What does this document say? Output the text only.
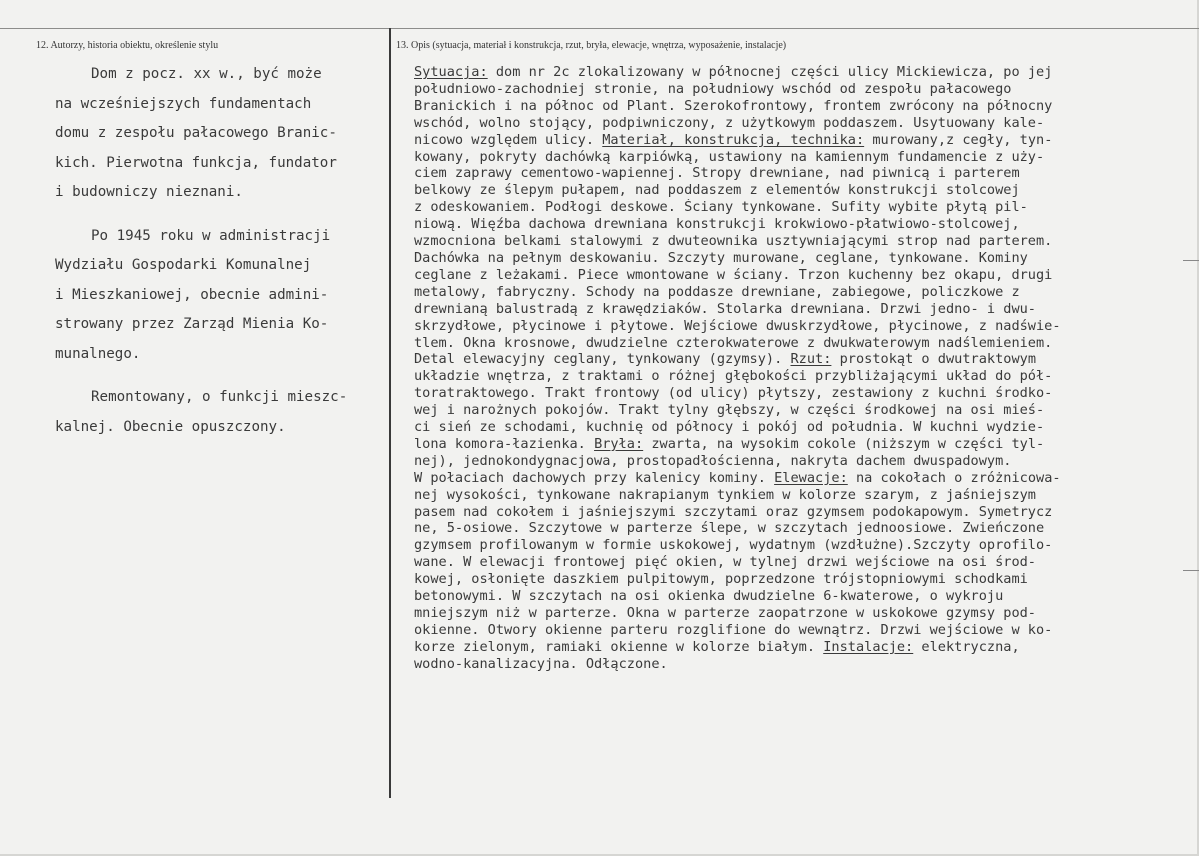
12. Autorzy, historia obiektu, określenie stylu	13. Opis (sytuacja, materiał i konstrukcja, rzut, bryła, elewacje, wnętrza, wyposażenie, instalacje)

Dom z pocz. xx w., być może
na wcześniejszych fundamentach
domu z zespołu pałacowego Branic-
kich. Pierwotna funkcja, fundator
i budowniczy nieznani.

Po 1945 roku w administracji
Wydziału Gospodarki Komunalnej
i Mieszkaniowej, obecnie admini-
strowany przez Zarząd Mienia Ko-
munalnego.

Remontowany, o funkcji mieszc-
kalnej. Obecnie opuszczony.

Sytuacja: dom nr 2c zlokalizowany w północnej części ulicy Mickiewicza, po jej
południowo-zachodniej stronie, na południowy wschód od zespołu pałacowego
Branickich i na północ od Plant. Szerokofrontowy, frontem zwrócony na północny
wschód, wolno stojący, podpiwniczony, z użytkowym poddaszem. Usytuowany kale-
nicowo względem ulicy. Materiał, konstrukcja, technika: murowany,z cegły, tyn-
kowany, pokryty dachówką karpiówką, ustawiony na kamiennym fundamencie z uży-
ciem zaprawy cementowo-wapiennej. Stropy drewniane, nad piwnicą i parterem
belkowy ze ślepym pułapem, nad poddaszem z elementów konstrukcji stolcowej
z odeskowaniem. Podłogi deskowe. Ściany tynkowane. Sufity wybite płytą pil-
niową. Więźba dachowa drewniana konstrukcji krokwiowo-płatwiowo-stolcowej,
wzmocniona belkami stalowymi z dwuteownika usztywniającymi strop nad parterem.
Dachówka na pełnym deskowaniu. Szczyty murowane, ceglane, tynkowane. Kominy
ceglane z leżakami. Piece wmontowane w ściany. Trzon kuchenny bez okapu, drugi
metalowy, fabryczny. Schody na poddasze drewniane, zabiegowe, policzkowe z
drewnianą balustradą z krawędziaków. Stolarka drewniana. Drzwi jedno- i dwu-
skrzydłowe, płycinowe i płytowe. Wejściowe dwuskrzydłowe, płycinowe, z nadświe-
tlem. Okna krosnowe, dwudzielne czterokwaterowe z dwukwaterowym nadślemieniem.
Detal elewacyjny ceglany, tynkowany (gzymsy). Rzut: prostokąt o dwutraktowym
układzie wnętrza, z traktami o różnej głębokości przybliżającymi układ do pół-
toratraktowego. Trakt frontowy (od ulicy) płytszy, zestawiony z kuchni środko-
wej i narożnych pokojów. Trakt tylny głębszy, w części środkowej na osi mieś-
ci sień ze schodami, kuchnię od północy i pokój od południa. W kuchni wydzie-
lona komora-łazienka. Bryła: zwarta, na wysokim cokole (niższym w części tyl-
nej), jednokondygnacjowa, prostopadłościenna, nakryta dachem dwuspadowym.
W połaciach dachowych przy kalenicy kominy. Elewacje: na cokołach o zróżnicowa-
nej wysokości, tynkowane nakrapianym tynkiem w kolorze szarym, z jaśniejszym
pasem nad cokołem i jaśniejszymi szczytami oraz gzymsem podokapowym. Symetrycz
ne, 5-osiowe. Szczytowe w parterze ślepe, w szczytach jednoosiowe. Zwieńczone
gzymsem profilowanym w formie uskokowej, wydatnym (wzdłużne).Szczyty oprofilo-
wane. W elewacji frontowej pięć okien, w tylnej drzwi wejściowe na osi środ-
kowej, osłonięte daszkiem pulpitowym, poprzedzone trójstopniowymi schodkami
betonowymi. W szczytach na osi okienka dwudzielne 6-kwaterowe, o wykroju
mniejszym niż w parterze. Okna w parterze zaopatrzone w uskokowe gzymsy pod-
okienne. Otwory okienne parteru rozglifione do wewnątrz. Drzwi wejściowe w ko-
korze zielonym, ramiaki okienne w kolorze białym. Instalacje: elektryczna,
wodno-kanalizacyjna. Odłączone.
